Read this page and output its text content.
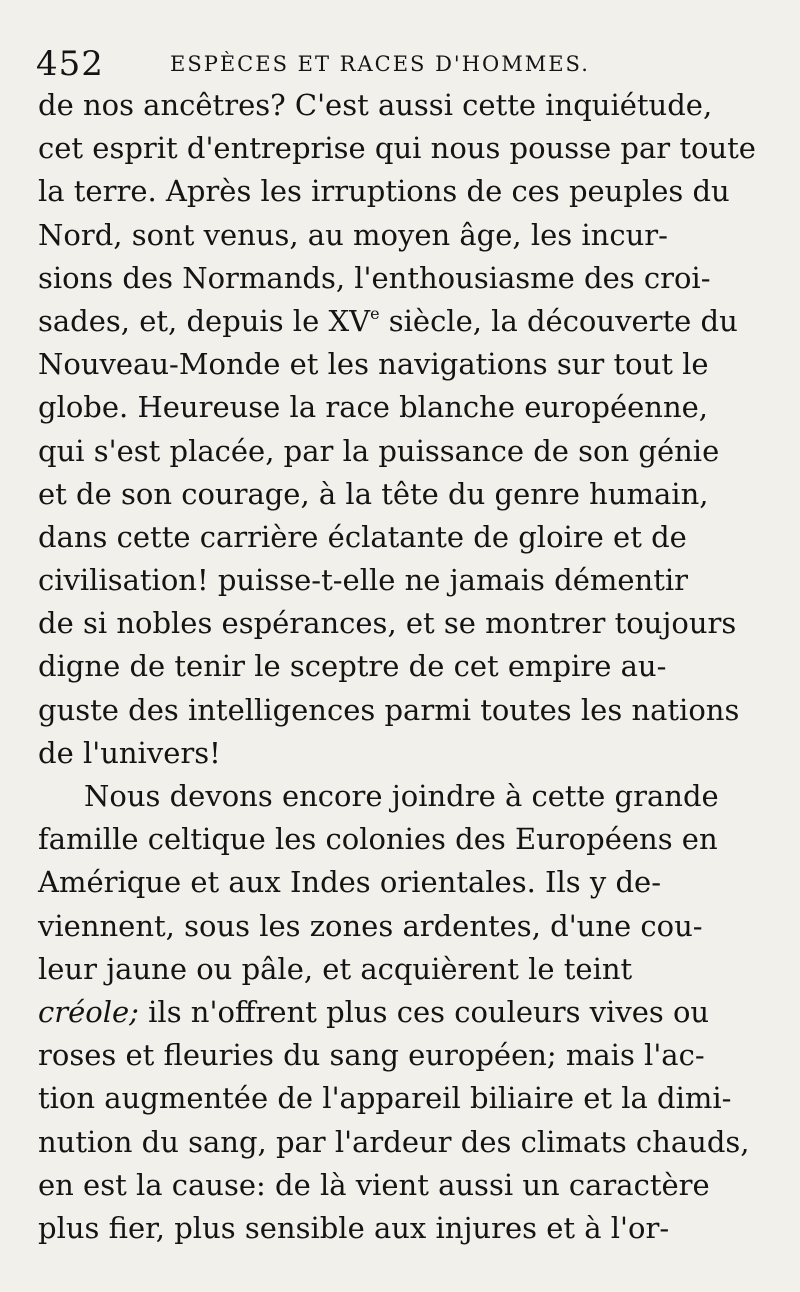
452	ESPÈCES ET RACES D'HOMMES.
de nos ancêtres? C'est aussi cette inquiétude,
cet esprit d'entreprise qui nous pousse par toute
la terre. Après les irruptions de ces peuples du
Nord, sont venus, au moyen âge, les incur-
sions des Normands, l'enthousiasme des croi-
sades, et, depuis le XVe siècle, la découverte du
Nouveau-Monde et les navigations sur tout le
globe. Heureuse la race blanche européenne,
qui s'est placée, par la puissance de son génie
et de son courage, à la tête du genre humain,
dans cette carrière éclatante de gloire et de
civilisation! puisse-t-elle ne jamais démentir
de si nobles espérances, et se montrer toujours
digne de tenir le sceptre de cet empire au-
guste des intelligences parmi toutes les nations
de l'univers!
Nous devons encore joindre à cette grande
famille celtique les colonies des Européens en
Amérique et aux Indes orientales. Ils y de-
viennent, sous les zones ardentes, d'une cou-
leur jaune ou pâle, et acquièrent le teint
créole; ils n'offrent plus ces couleurs vives ou
roses et fleuries du sang européen; mais l'ac-
tion augmentée de l'appareil biliaire et la dimi-
nution du sang, par l'ardeur des climats chauds,
en est la cause: de là vient aussi un caractère
plus fier, plus sensible aux injures et à l'or-
